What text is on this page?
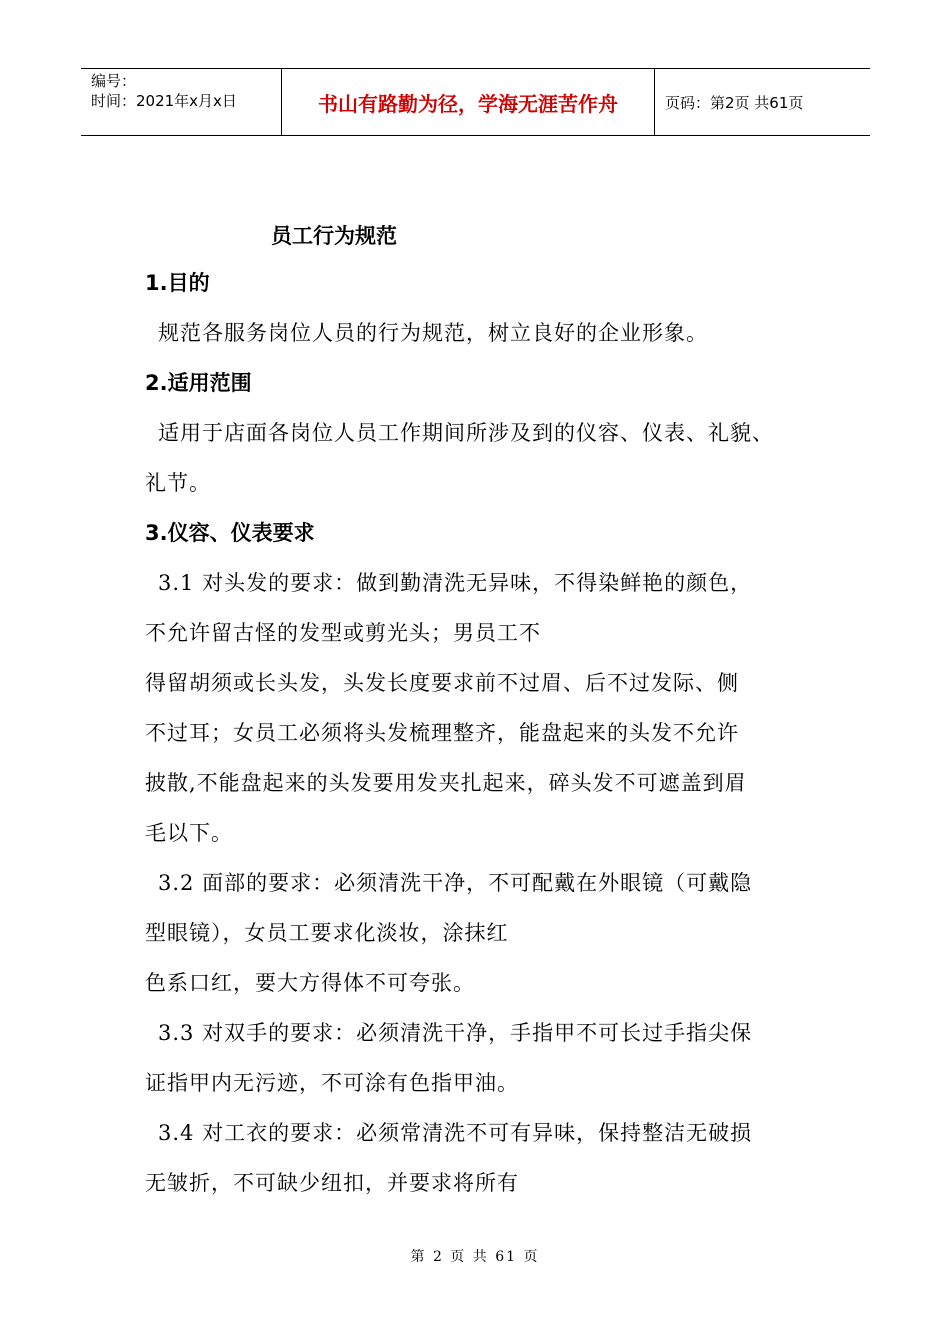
编号：
时间：2021年x月x日	书山有路勤为径，学海无涯苦作舟	页码：第2页 共61页
员工行为规范
1.目的
规范各服务岗位人员的行为规范，树立良好的企业形象。
2.适用范围
适用于店面各岗位人员工作期间所涉及到的仪容、仪表、礼貌、
礼节。
3.仪容、仪表要求
3.1 对头发的要求：做到勤清洗无异味，不得染鲜艳的颜色，
不允许留古怪的发型或剪光头；男员工不
得留胡须或长头发，头发长度要求前不过眉、后不过发际、侧
不过耳；女员工必须将头发梳理整齐，能盘起来的头发不允许
披散,不能盘起来的头发要用发夹扎起来，碎头发不可遮盖到眉
毛以下。
3.2 面部的要求：必须清洗干净，不可配戴在外眼镜（可戴隐
型眼镜），女员工要求化淡妆，涂抹红
色系口红，要大方得体不可夸张。
3.3 对双手的要求：必须清洗干净，手指甲不可长过手指尖保
证指甲内无污迹，不可涂有色指甲油。
3.4 对工衣的要求：必须常清洗不可有异味，保持整洁无破损
无皱折，不可缺少纽扣，并要求将所有
第 2 页 共 61 页
